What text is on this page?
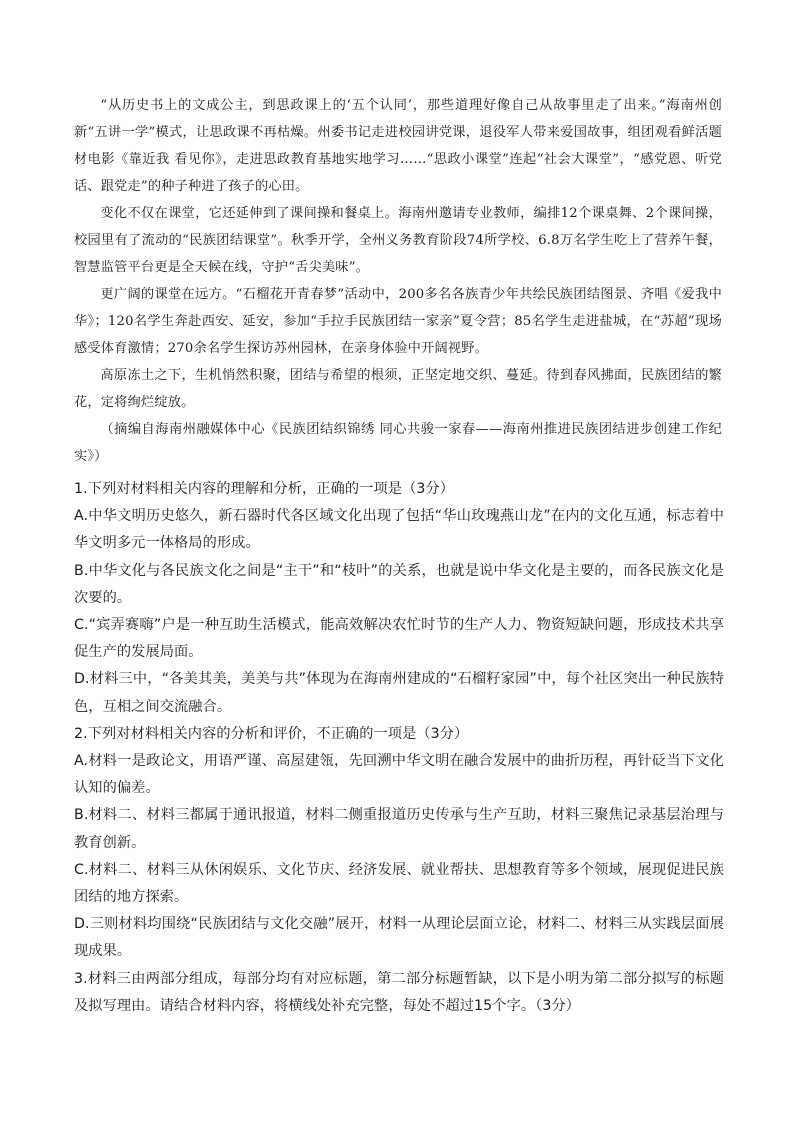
“从历史书上的文成公主，到思政课上的‘五个认同’，那些道理好像自己从故事里走了出来。”海南州创新“五讲一学”模式，让思政课不再枯燥。州委书记走进校园讲党课，退役军人带来爱国故事，组团观看鲜活题材电影《靠近我 看见你》，走进思政教育基地实地学习……“思政小课堂”连起“社会大课堂”，“感党恩、听党话、跟党走”的种子种进了孩子的心田。

变化不仅在课堂，它还延伸到了课间操和餐桌上。海南州邀请专业教师，编排12个课桌舞、2个课间操，校园里有了流动的“民族团结课堂”。秋季开学，全州义务教育阶段74所学校、6.8万名学生吃上了营养午餐，智慧监管平台更是全天候在线，守护“舌尖美味”。

更广阔的课堂在远方。“石榴花开青春梦”活动中，200多名各族青少年共绘民族团结图景、齐唱《爱我中华》；120名学生奔赴西安、延安，参加“手拉手民族团结一家亲”夏令营；85名学生走进盐城，在“苏超”现场感受体育激情；270余名学生探访苏州园林，在亲身体验中开阔视野。

高原冻土之下，生机悄然积聚，团结与希望的根须，正坚定地交织、蔓延。待到春风拂面，民族团结的繁花，定将绚烂绽放。

（摘编自海南州融媒体中心《民族团结织锦绣 同心共骏一家春——海南州推进民族团结进步创建工作纪实》）

1.下列对材料相关内容的理解和分析，正确的一项是（3分）

A.中华文明历史悠久，新石器时代各区域文化出现了包括“华山玫瑰燕山龙”在内的文化互通，标志着中华文明多元一体格局的形成。

B.中华文化与各民族文化之间是“主干”和“枝叶”的关系，也就是说中华文化是主要的，而各民族文化是次要的。

C.“宾弄赛嗨”户是一种互助生活模式，能高效解决农忙时节的生产人力、物资短缺问题，形成技术共享促生产的发展局面。

D.材料三中，“各美其美，美美与共”体现为在海南州建成的“石榴籽家园”中，每个社区突出一种民族特色，互相之间交流融合。

2.下列对材料相关内容的分析和评价，不正确的一项是（3分）

A.材料一是政论文，用语严谨、高屋建瓴，先回溯中华文明在融合发展中的曲折历程，再针砭当下文化认知的偏差。

B.材料二、材料三都属于通讯报道，材料二侧重报道历史传承与生产互助，材料三聚焦记录基层治理与教育创新。

C.材料二、材料三从休闲娱乐、文化节庆、经济发展、就业帮扶、思想教育等多个领域，展现促进民族团结的地方探索。

D.三则材料均围绕“民族团结与文化交融”展开，材料一从理论层面立论，材料二、材料三从实践层面展现成果。

3.材料三由两部分组成，每部分均有对应标题，第二部分标题暂缺，以下是小明为第二部分拟写的标题及拟写理由。请结合材料内容，将横线处补充完整，每处不超过15个字。（3分）
